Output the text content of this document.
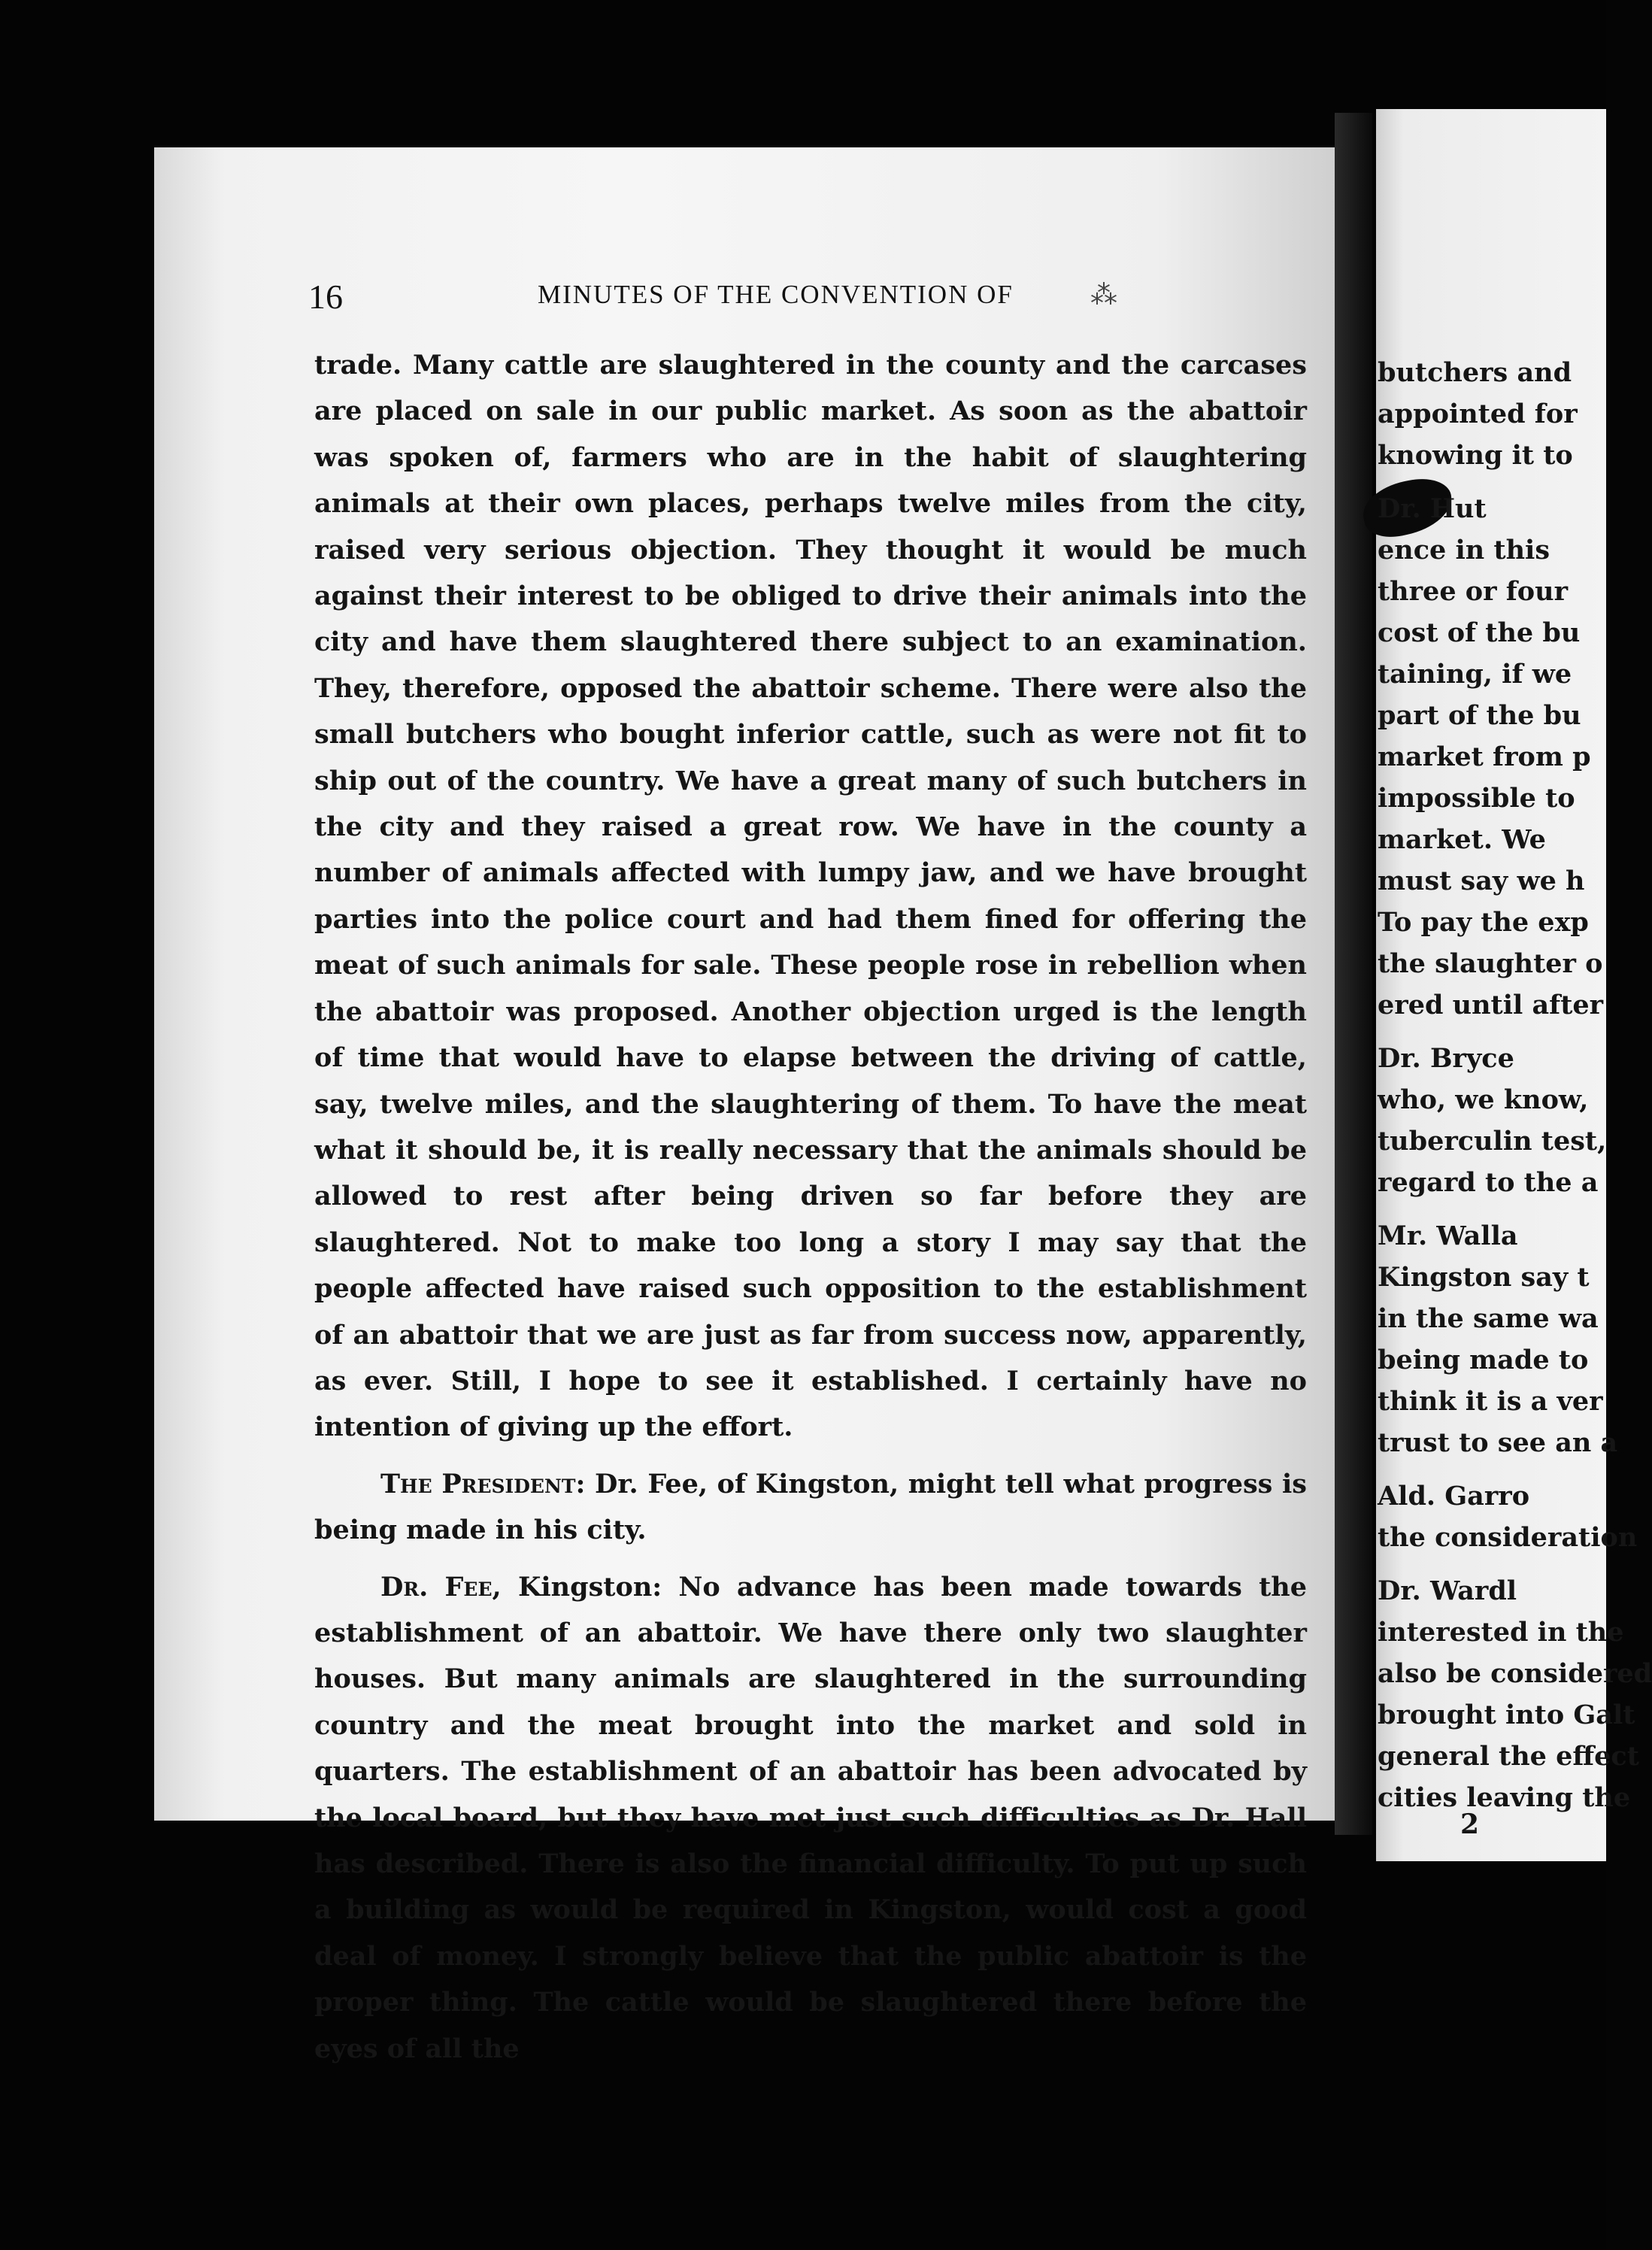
16	MINUTES OF THE CONVENTION OF	⁂

trade. Many cattle are slaughtered in the county and the carcases are placed on sale in our public market. As soon as the abattoir was spoken of, farmers who are in the habit of slaughtering animals at their own places, perhaps twelve miles from the city, raised very serious objection. They thought it would be much against their interest to be obliged to drive their animals into the city and have them slaughtered there subject to an examination. They, therefore, opposed the abattoir scheme. There were also the small butchers who bought inferior cattle, such as were not fit to ship out of the country. We have a great many of such butchers in the city and they raised a great row. We have in the county a number of animals affected with lumpy jaw, and we have brought parties into the police court and had them fined for offering the meat of such animals for sale. These people rose in rebellion when the abattoir was proposed. Another objection urged is the length of time that would have to elapse between the driving of cattle, say, twelve miles, and the slaughtering of them. To have the meat what it should be, it is really necessary that the animals should be allowed to rest after being driven so far before they are slaughtered. Not to make too long a story I may say that the people affected have raised such opposition to the establishment of an abattoir that we are just as far from success now, apparently, as ever. Still, I hope to see it established. I certainly have no intention of giving up the effort.

The President: Dr. Fee, of Kingston, might tell what progress is being made in his city.

Dr. Fee, Kingston: No advance has been made towards the establishment of an abattoir. We have there only two slaughter houses. But many animals are slaughtered in the surrounding country and the meat brought into the market and sold in quarters. The establishment of an abattoir has been advocated by the local board, but they have met just such difficulties as Dr. Hall has described. There is also the financial difficulty. To put up such a building as would be required in Kingston, would cost a good deal of money. I strongly believe that the public abattoir is the proper thing. The cattle would be slaughtered there before the eyes of all the

butchers and
appointed for
knowing it to
Dr. Hut
ence in this
three or four
cost of the bu
taining, if we
part of the bu
market from p
impossible to
market. We
must say we h
To pay the exp
the slaughter o
ered until after
Dr. Bryce
who, we know,
tuberculin test,
regard to the a
Mr. Walla
Kingston say t
in the same wa
being made to
think it is a ver
trust to see an a
Ald. Garro
the consideration
Dr. Wardl
interested in the
also be considered
brought into Galt
general the effect
cities leaving the
2
